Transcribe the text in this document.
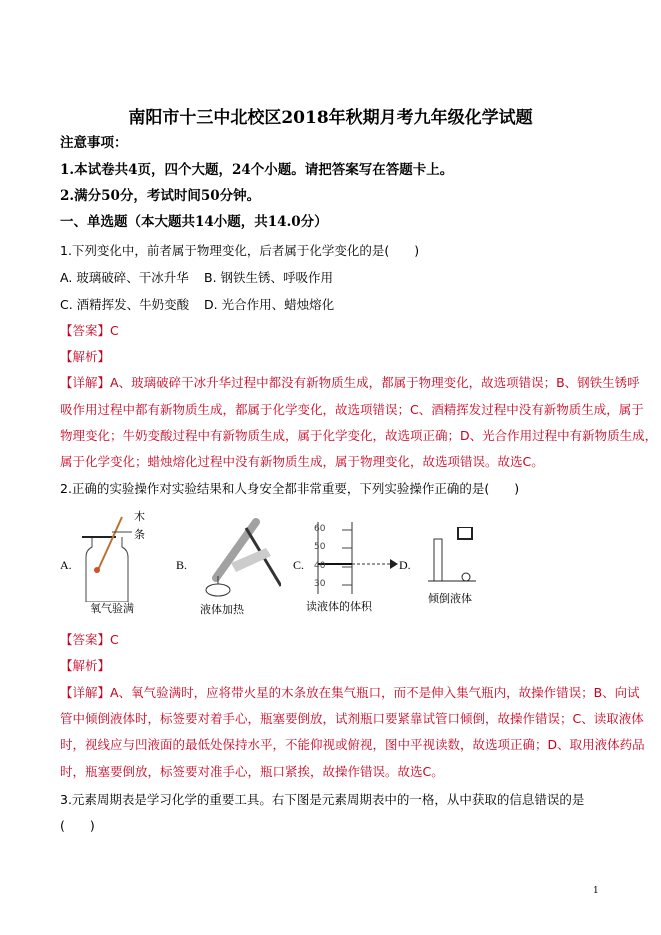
南阳市十三中北校区2018年秋期月考九年级化学试题
注意事项：
1.本试卷共4页，四个大题，24个小题。请把答案写在答题卡上。
2.满分50分，考试时间50分钟。
一、单选题（本大题共14小题，共14.0分）
1.下列变化中，前者属于物理变化，后者属于化学变化的是(　　)
A. 玻璃破碎、干冰升华 B. 钢铁生锈、呼吸作用
C. 酒精挥发、牛奶变酸 D. 光合作用、蜡烛熔化
【答案】C
【解析】
【详解】A、玻璃破碎干冰升华过程中都没有新物质生成，都属于物理变化，故选项错误；B、钢铁生锈呼
吸作用过程中都有新物质生成，都属于化学变化，故选项错误；C、酒精挥发过程中没有新物质生成，属于
物理变化；牛奶变酸过程中有新物质生成，属于化学变化，故选项正确；D、光合作用过程中有新物质生成，
属于化学变化；蜡烛熔化过程中没有新物质生成，属于物理变化，故选项错误。故选C。
2.正确的实验操作对实验结果和人身安全都非常重要，下列实验操作正确的是(　　)
A.
木
条
氧气验满
B.
液体加热
C.
60
50
40
30
读液体的体积
D.
倾倒液体
【答案】C
【解析】
【详解】A、氧气验满时，应将带火星的木条放在集气瓶口，而不是伸入集气瓶内，故操作错误；B、向试
管中倾倒液体时，标签要对着手心，瓶塞要倒放，试剂瓶口要紧靠试管口倾倒，故操作错误；C、读取液体
时，视线应与凹液面的最低处保持水平，不能仰视或俯视，图中平视读数，故选项正确；D、取用液体药品
时，瓶塞要倒放，标签要对准手心，瓶口紧挨，故操作错误。故选C。
3.元素周期表是学习化学的重要工具。右下图是元素周期表中的一格，从中获取的信息错误的是
(　　)
1
